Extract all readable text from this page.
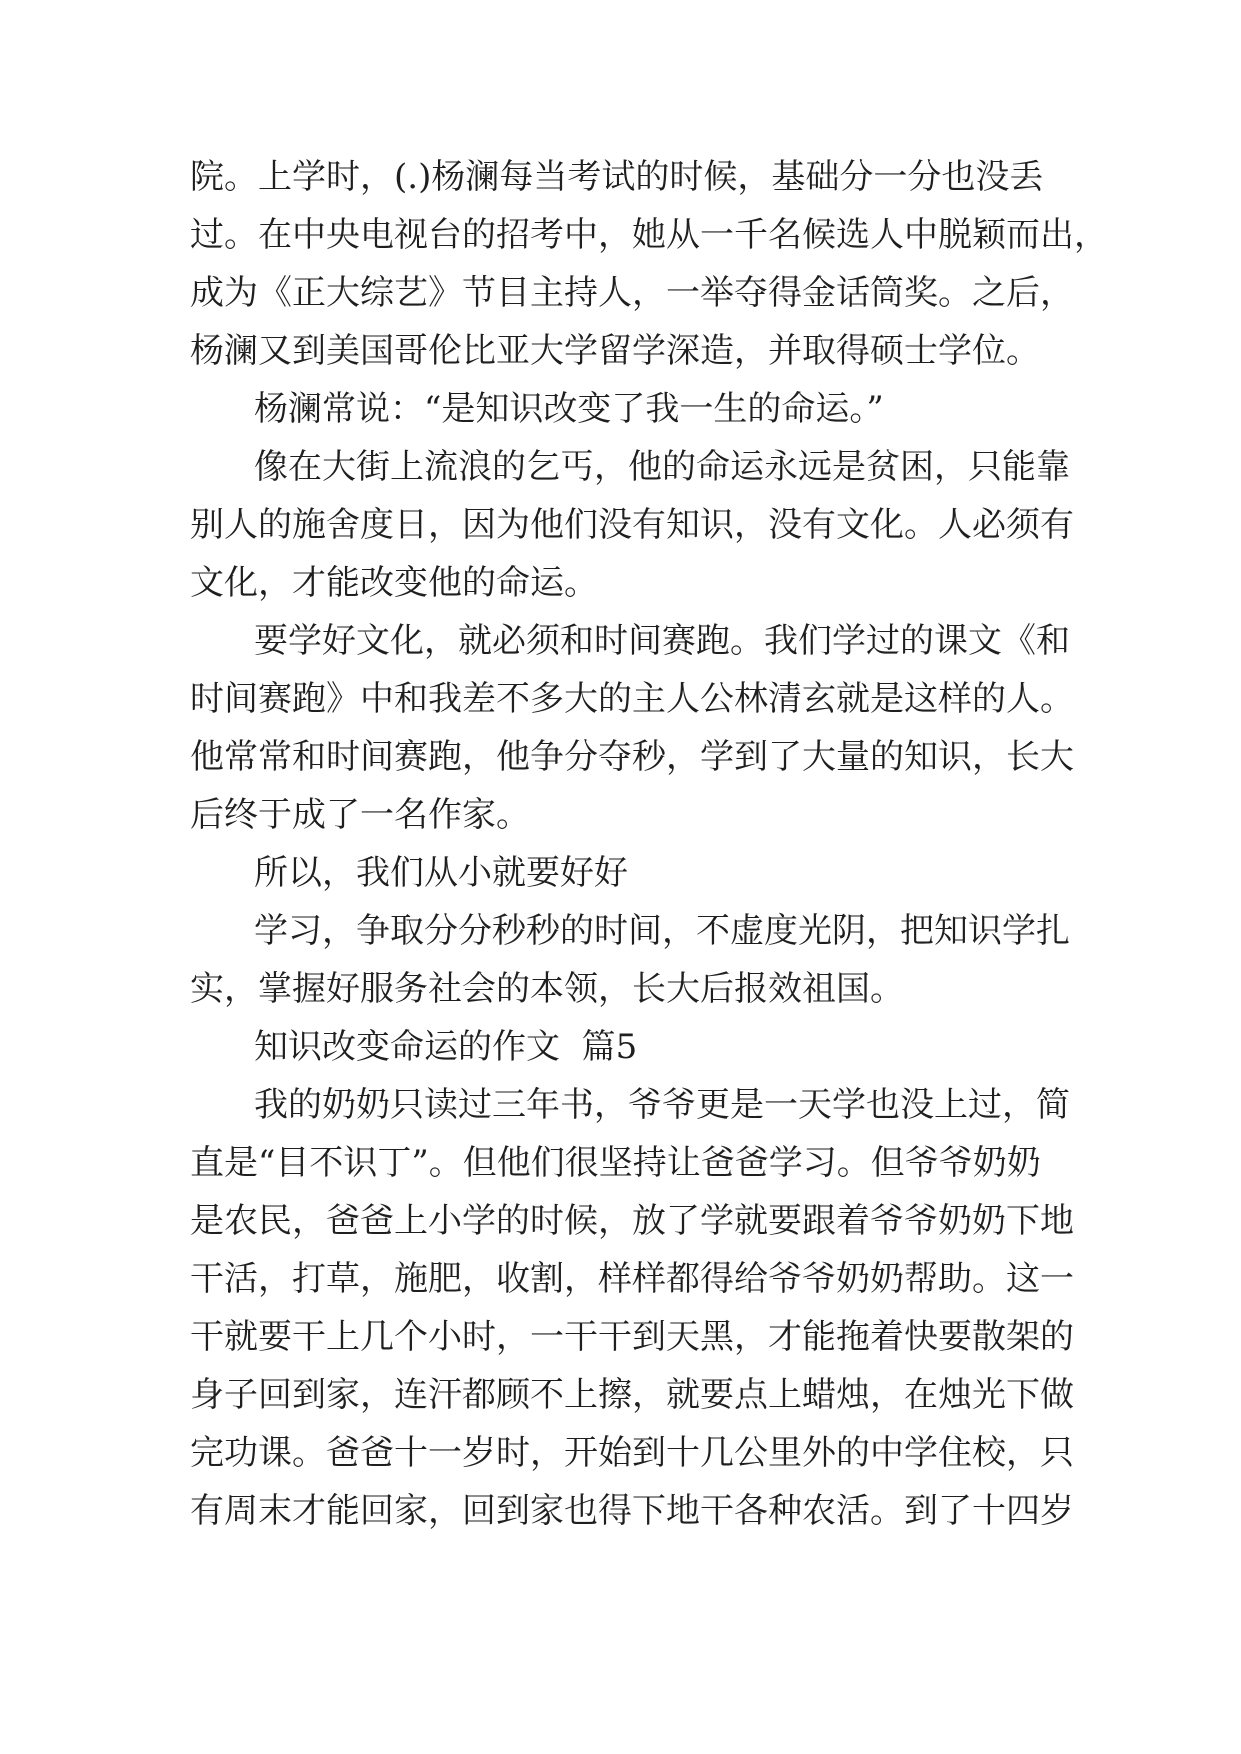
院。上学时，(.)杨澜每当考试的时候，基础分一分也没丢
过。在中央电视台的招考中，她从一千名候选人中脱颖而出，
成为《正大综艺》节目主持人，一举夺得金话筒奖。之后，
杨澜又到美国哥伦比亚大学留学深造，并取得硕士学位。
杨澜常说：“是知识改变了我一生的命运。”
像在大街上流浪的乞丐，他的命运永远是贫困，只能靠
别人的施舍度日，因为他们没有知识，没有文化。人必须有
文化，才能改变他的命运。
要学好文化，就必须和时间赛跑。我们学过的课文《和
时间赛跑》中和我差不多大的主人公林清玄就是这样的人。
他常常和时间赛跑，他争分夺秒，学到了大量的知识，长大
后终于成了一名作家。
所以，我们从小就要好好
学习，争取分分秒秒的时间，不虚度光阴，把知识学扎
实，掌握好服务社会的本领，长大后报效祖国。
知识改变命运的作文  篇5
我的奶奶只读过三年书，爷爷更是一天学也没上过，简
直是“目不识丁”。但他们很坚持让爸爸学习。但爷爷奶奶
是农民，爸爸上小学的时候，放了学就要跟着爷爷奶奶下地
干活，打草，施肥，收割，样样都得给爷爷奶奶帮助。这一
干就要干上几个小时，一干干到天黑，才能拖着快要散架的
身子回到家，连汗都顾不上擦，就要点上蜡烛，在烛光下做
完功课。爸爸十一岁时，开始到十几公里外的中学住校，只
有周末才能回家，回到家也得下地干各种农活。到了十四岁
